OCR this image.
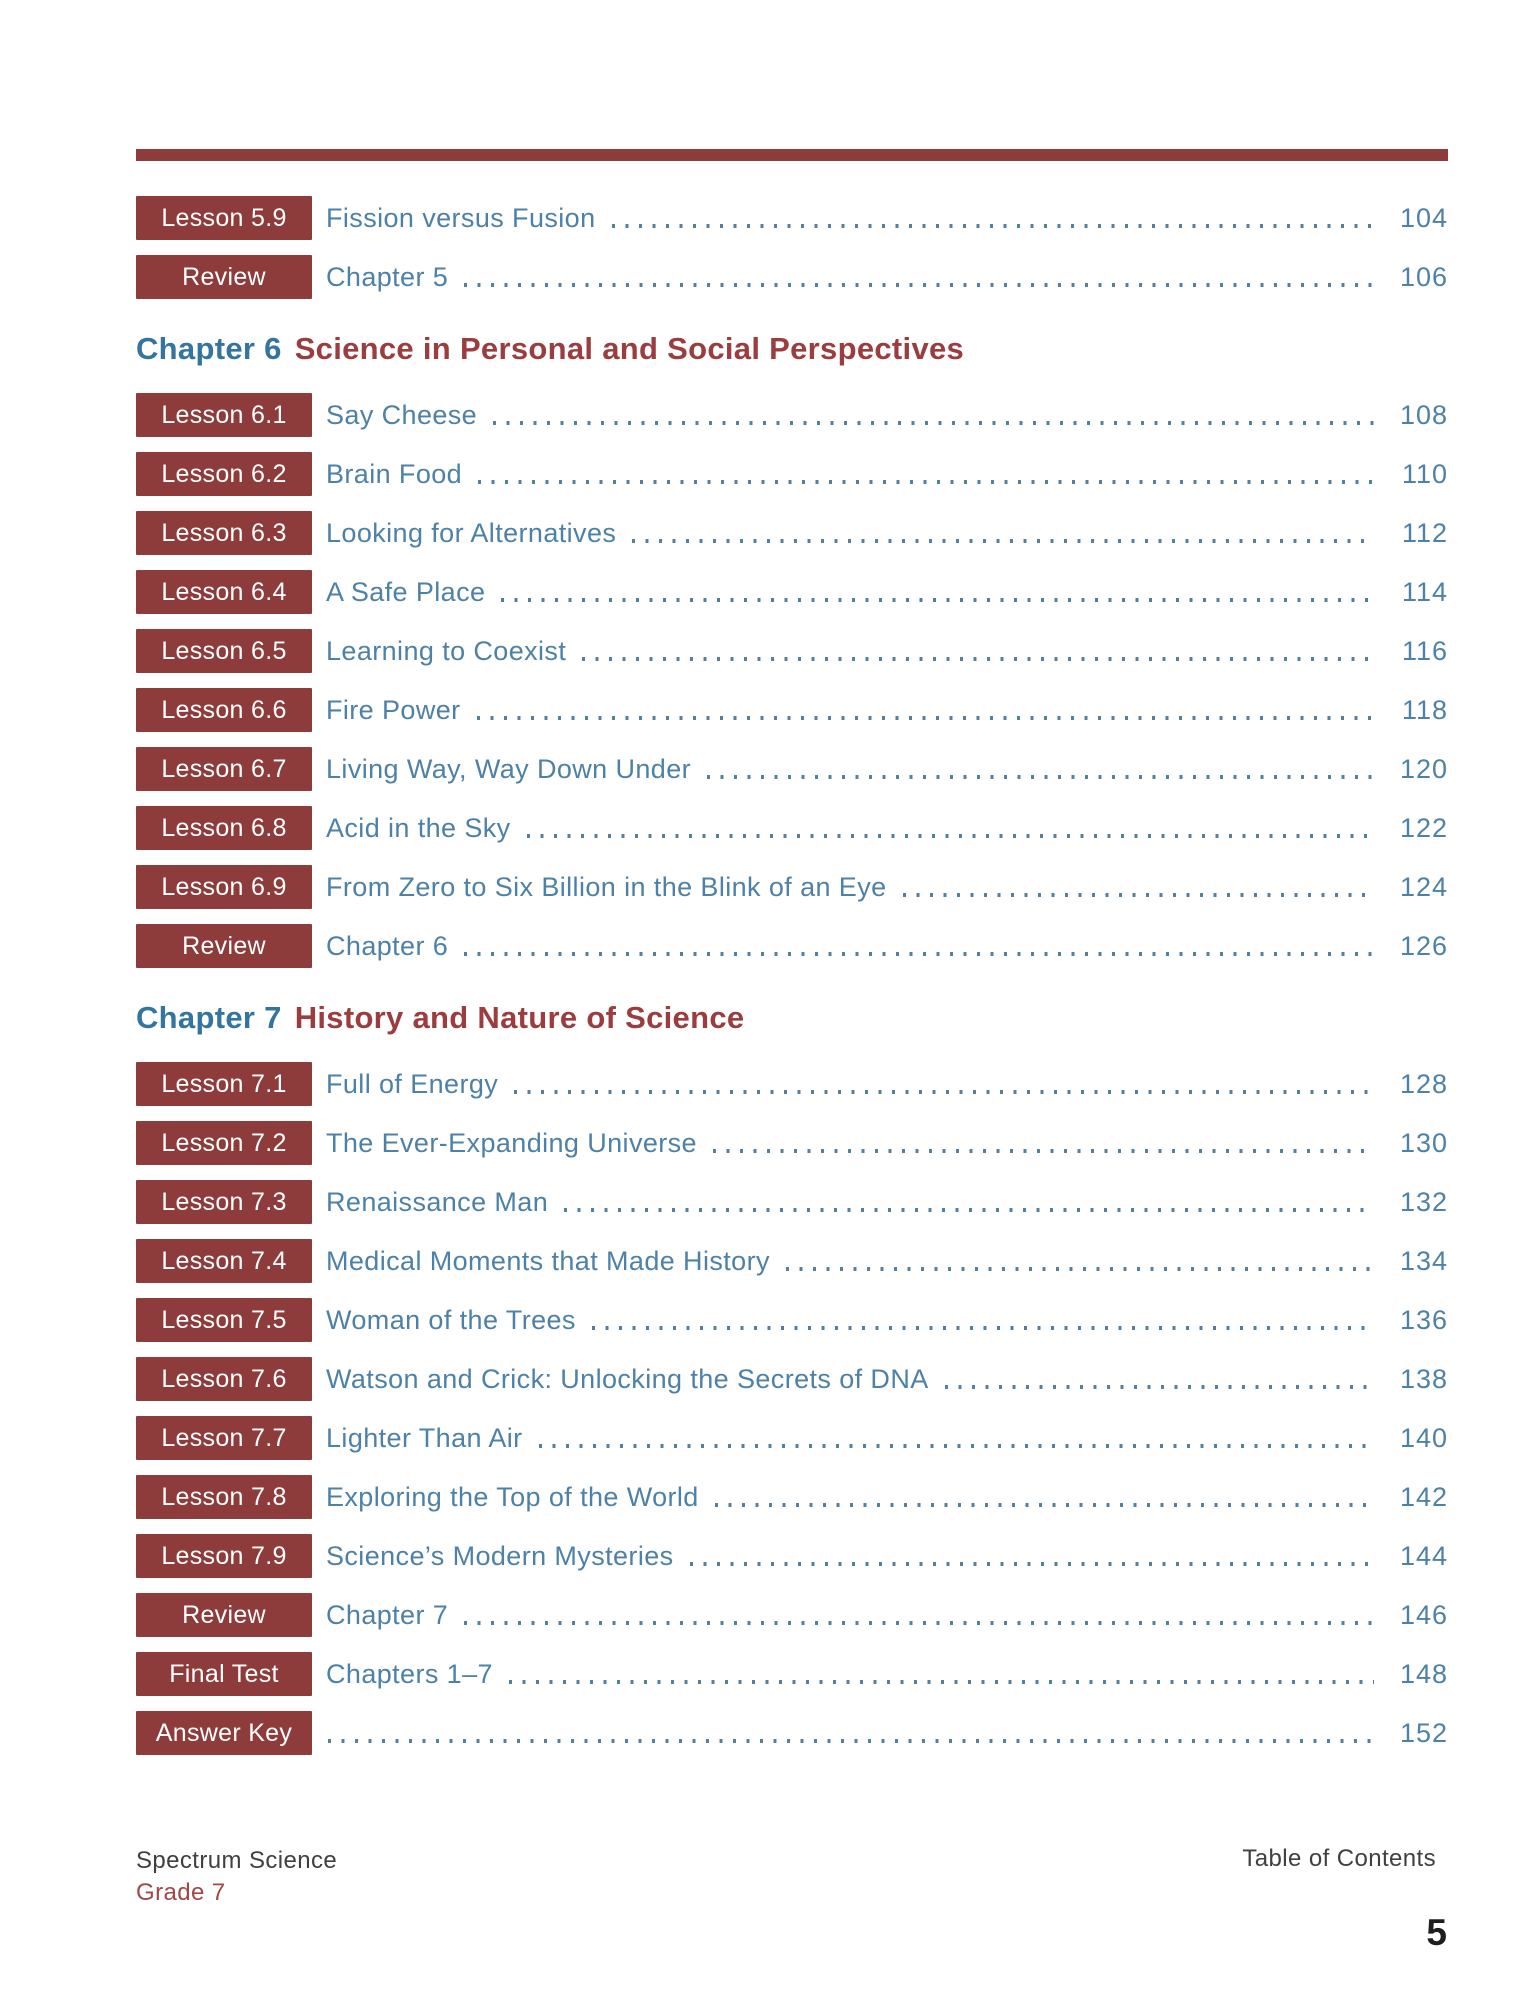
Lesson 5.9	Fission versus Fusion	104
Review	Chapter 5	106
Chapter 6 Science in Personal and Social Perspectives
Lesson 6.1	Say Cheese	108
Lesson 6.2	Brain Food	110
Lesson 6.3	Looking for Alternatives	112
Lesson 6.4	A Safe Place	114
Lesson 6.5	Learning to Coexist	116
Lesson 6.6	Fire Power	118
Lesson 6.7	Living Way, Way Down Under	120
Lesson 6.8	Acid in the Sky	122
Lesson 6.9	From Zero to Six Billion in the Blink of an Eye	124
Review	Chapter 6	126
Chapter 7 History and Nature of Science
Lesson 7.1	Full of Energy	128
Lesson 7.2	The Ever-Expanding Universe	130
Lesson 7.3	Renaissance Man	132
Lesson 7.4	Medical Moments that Made History	134
Lesson 7.5	Woman of the Trees	136
Lesson 7.6	Watson and Crick: Unlocking the Secrets of DNA	138
Lesson 7.7	Lighter Than Air	140
Lesson 7.8	Exploring the Top of the World	142
Lesson 7.9	Science’s Modern Mysteries	144
Review	Chapter 7	146
Final Test	Chapters 1–7	148
Answer Key	152
Spectrum Science
Grade 7
Table of Contents
5
